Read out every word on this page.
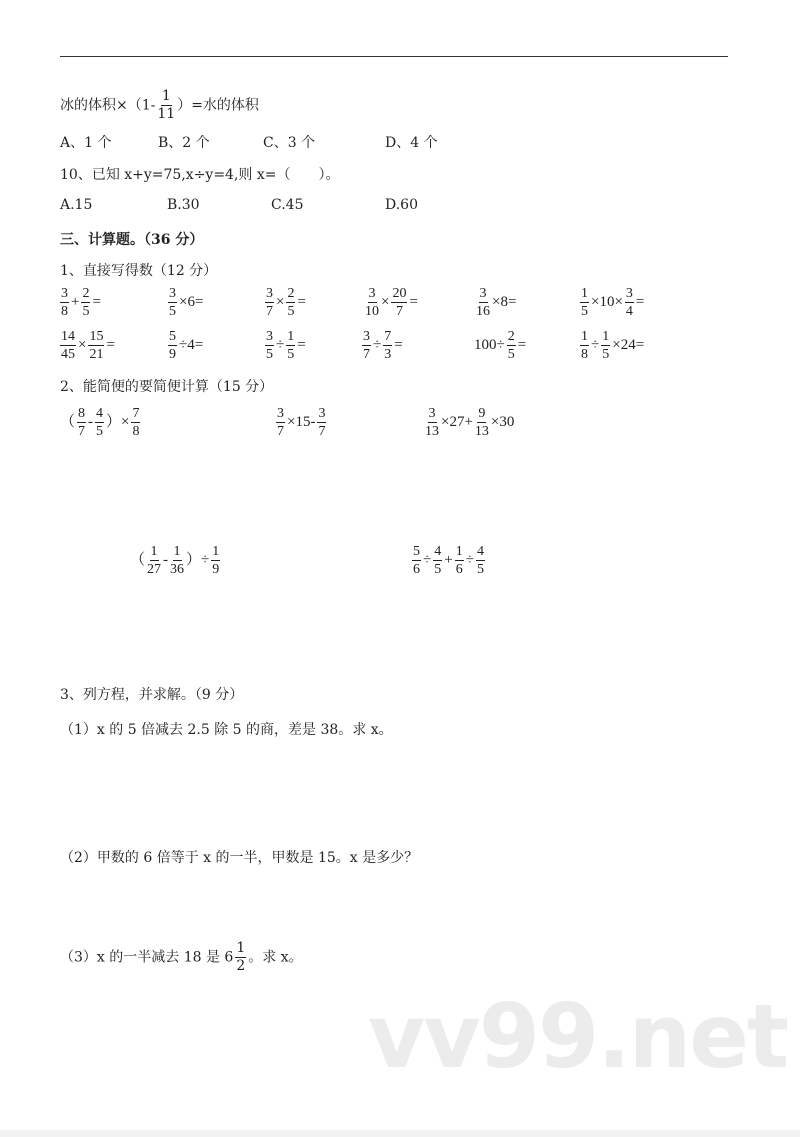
冰的体积$\times(1- \frac{1}{11}$ ）=水的体积
A、1 个	B、2 个	C、3 个	D、4 个
10、已知 x+y=75,x÷y=4,则 x=（　　）。
A.15	B.30	C.45	D.60
三、计算题。（36 分）
1、直接写得数（12 分）
$\frac{3}{8} + \frac{2}{5}$ =	$\frac{3}{5} \times 6=$	$\frac{3}{7} \times \frac{2}{5}$ =	$\frac{3}{10} \times \frac{20}{7}$ =	$\frac{3}{16} \times 8=$	$\frac{1}{5} \times 10\times \frac{3}{4}$ =
$\frac{14}{45} \times \frac{15}{21}$ =	$\frac{5}{9} \div 4=$	$\frac{3}{5} \div \frac{1}{5}$ =	$\frac{3}{7} \div \frac{7}{3}$ =	$100\div \frac{2}{5}$ =	$\frac{1}{8} \div \frac{1}{5} \times 24=$
2、能简便的要简便计算（15 分）
（ $\frac{8}{7} - \frac{4}{5}$ ）× $\frac{7}{8}$	$\frac{3}{7} \times 15- \frac{3}{7}$	$\frac{3}{13} \times 27+ \frac{9}{13} \times 30$
（ $\frac{1}{27} - \frac{1}{36}$ ）÷ $\frac{1}{9}$	$\frac{5}{6} \div \frac{4}{5} + \frac{1}{6} \div \frac{4}{5}$
3、列方程，并求解。（9 分）
（1）x 的 5 倍减去 2.5 除 5 的商，差是 38。求 x。
（2）甲数的 6 倍等于 x 的一半，甲数是 15。x 是多少？
（3）x 的一半减去 18 是 $6 \frac{1}{2}$ 。求 x。
vv99.net
